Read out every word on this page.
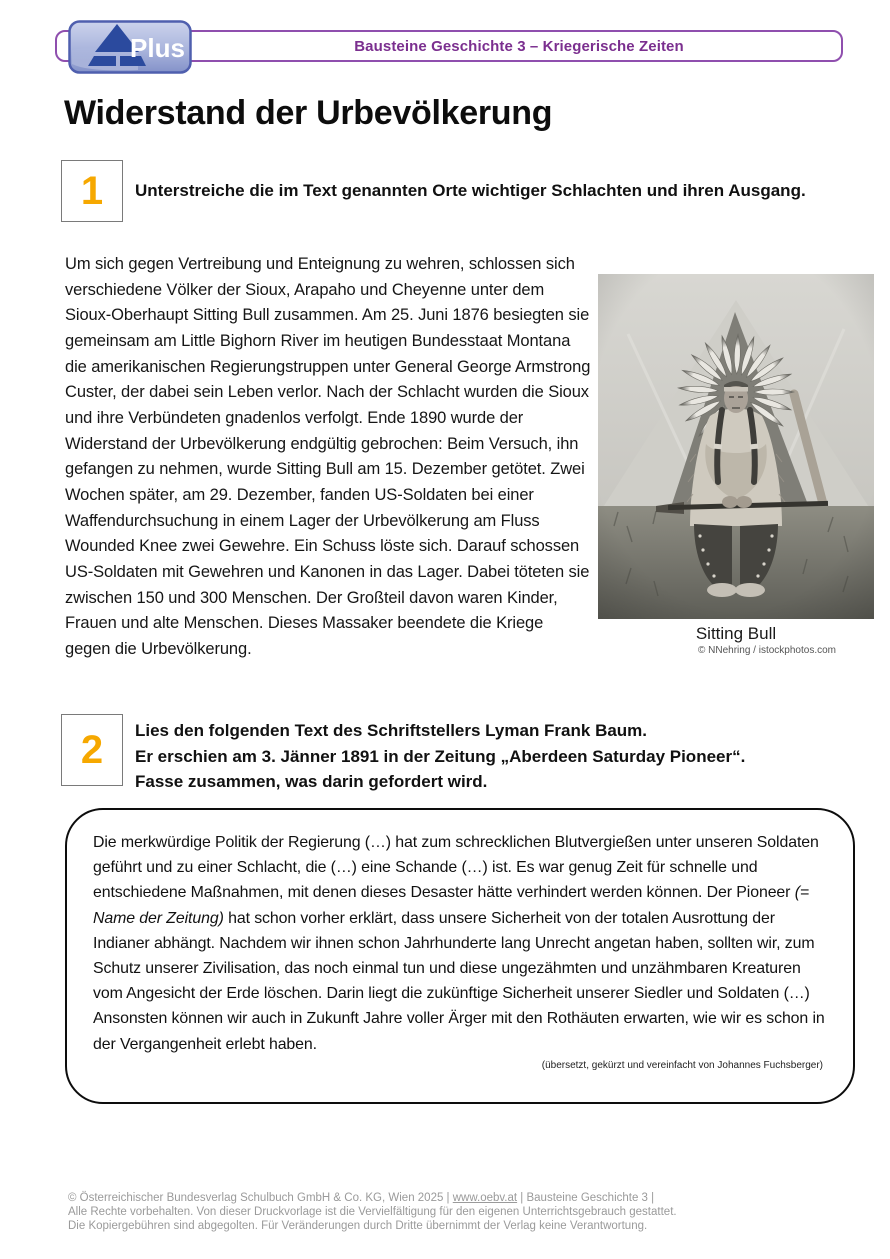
Bausteine Geschichte 3 – Kriegerische Zeiten
Plus
Widerstand der Urbevölkerung
1 Unterstreiche die im Text genannten Orte wichtiger Schlachten und ihren Ausgang.

Um sich gegen Vertreibung und Enteignung zu wehren, schlossen sich verschiedene Völker der Sioux, Arapaho und Cheyenne unter dem Sioux-Oberhaupt Sitting Bull zusammen. Am 25. Juni 1876 besiegten sie gemeinsam am Little Bighorn River im heutigen Bundesstaat Montana die amerikanischen Regierungstruppen unter General George Armstrong Custer, der dabei sein Leben verlor. Nach der Schlacht wurden die Sioux und ihre Verbündeten gnadenlos verfolgt. Ende 1890 wurde der Widerstand der Urbevölkerung endgültig gebrochen: Beim Versuch, ihn gefangen zu nehmen, wurde Sitting Bull am 15. Dezember getötet. Zwei Wochen später, am 29. Dezember, fanden US-Soldaten bei einer Waffendurchsuchung in einem Lager der Urbevölkerung am Fluss Wounded Knee zwei Gewehre. Ein Schuss löste sich. Darauf schossen US-Soldaten mit Gewehren und Kanonen in das Lager. Dabei töteten sie zwischen 150 und 300 Menschen. Der Großteil davon waren Kinder, Frauen und alte Menschen. Dieses Massaker beendete die Kriege gegen die Urbevölkerung.

Sitting Bull
© NNehring / istockphotos.com
2 Lies den folgenden Text des Schriftstellers Lyman Frank Baum.
Er erschien am 3. Jänner 1891 in der Zeitung „Aberdeen Saturday Pioneer“.
Fasse zusammen, was darin gefordert wird.

Die merkwürdige Politik der Regierung (…) hat zum schrecklichen Blutvergießen unter unseren Soldaten geführt und zu einer Schlacht, die (…) eine Schande (…) ist. Es war genug Zeit für schnelle und entschiedene Maßnahmen, mit denen dieses Desaster hätte verhindert werden können. Der Pioneer (= Name der Zeitung) hat schon vorher erklärt, dass unsere Sicherheit von der totalen Ausrottung der Indianer abhängt. Nachdem wir ihnen schon Jahrhunderte lang Unrecht angetan haben, sollten wir, zum Schutz unserer Zivilisation, das noch einmal tun und diese ungezähmten und unzähmbaren Kreaturen vom Angesicht der Erde löschen. Darin liegt die zukünftige Sicherheit unserer Siedler und Soldaten (…) Ansonsten können wir auch in Zukunft Jahre voller Ärger mit den Rothäuten erwarten, wie wir es schon in der Vergangenheit erlebt haben.

(übersetzt, gekürzt und vereinfacht von Johannes Fuchsberger)
© Österreichischer Bundesverlag Schulbuch GmbH & Co. KG, Wien 2025 | www.oebv.at | Bausteine Geschichte 3 |
Alle Rechte vorbehalten. Von dieser Druckvorlage ist die Vervielfältigung für den eigenen Unterrichtsgebrauch gestattet.
Die Kopiergebühren sind abgegolten. Für Veränderungen durch Dritte übernimmt der Verlag keine Verantwortung.
